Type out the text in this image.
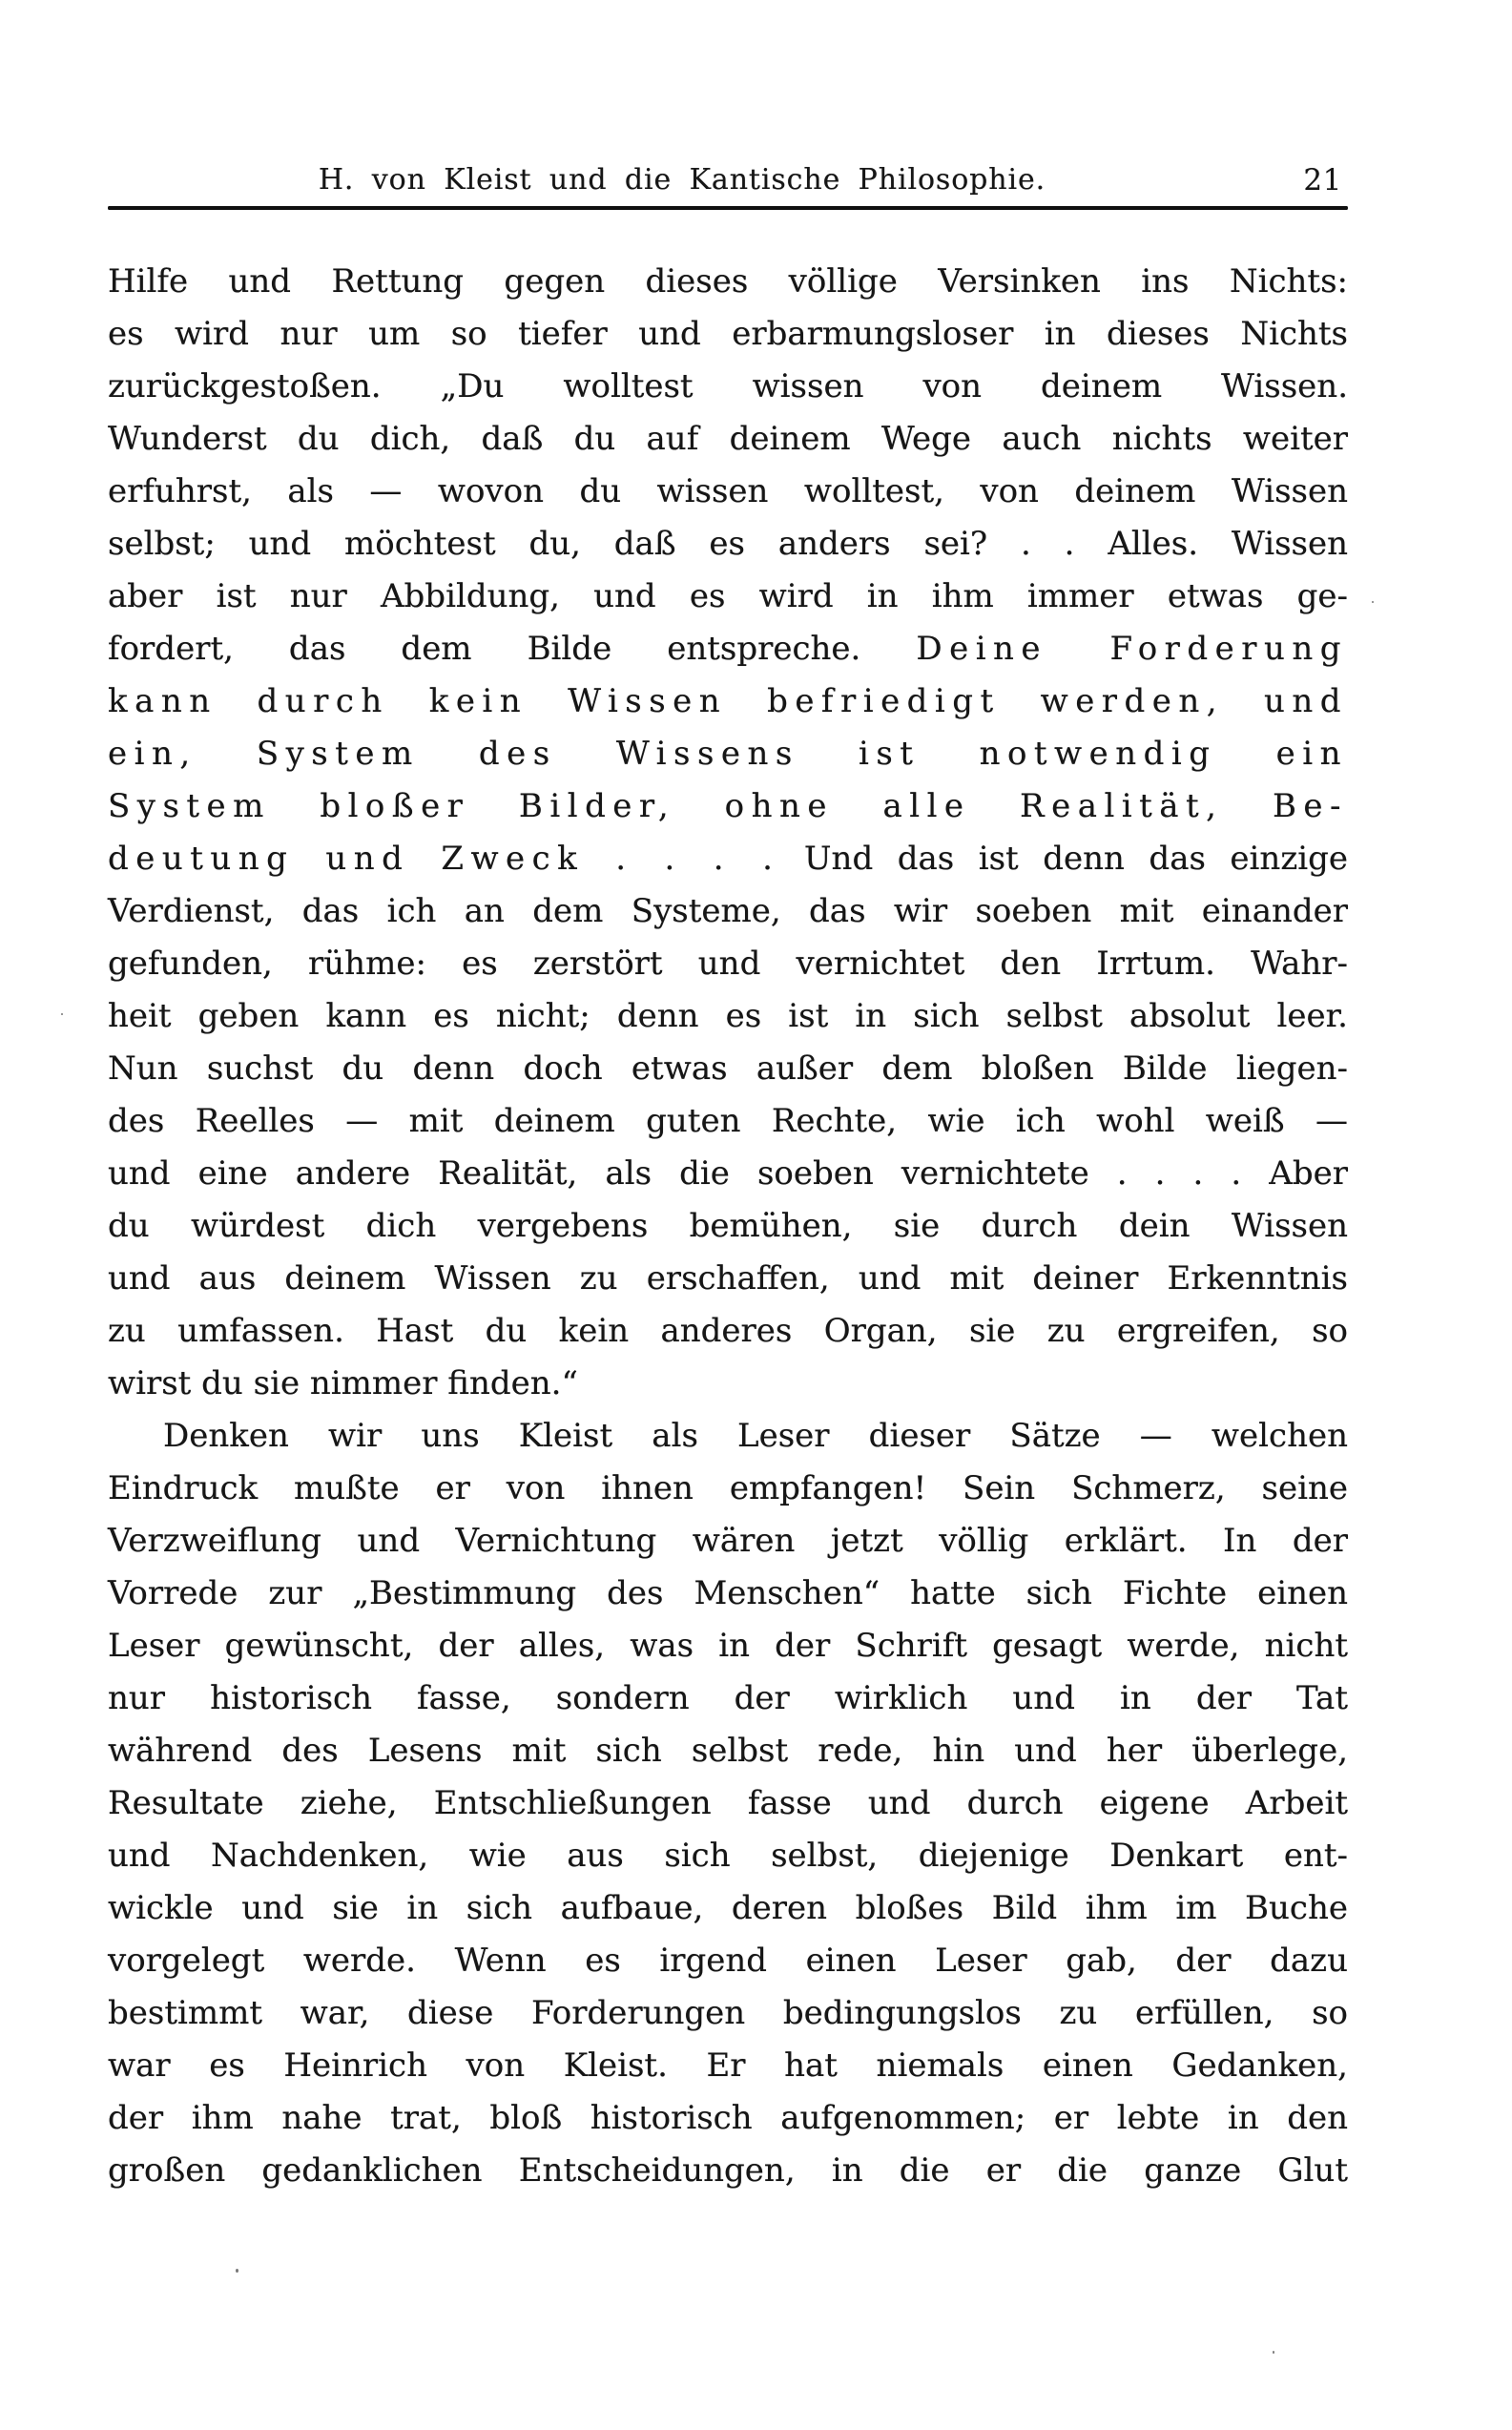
H. von Kleist und die Kantische Philosophie.	21
Hilfe und Rettung gegen dieses völlige Versinken ins Nichts:
es wird nur um so tiefer und erbarmungsloser in dieses Nichts
zurückgestoßen. „Du wolltest wissen von deinem Wissen.
Wunderst du dich, daß du auf deinem Wege auch nichts weiter
erfuhrst, als — wovon du wissen wolltest, von deinem Wissen
selbst; und möchtest du, daß es anders sei? . . Alles. Wissen
aber ist nur Abbildung, und es wird in ihm immer etwas ge-
fordert, das dem Bilde entspreche. Deine Forderung
kann durch kein Wissen befriedigt werden, und
ein, System des Wissens ist notwendig ein
System bloßer Bilder, ohne alle Realität, Be-
deutung und Zweck . . . . Und das ist denn das einzige
Verdienst, das ich an dem Systeme, das wir soeben mit einander
gefunden, rühme: es zerstört und vernichtet den Irrtum. Wahr-
heit geben kann es nicht; denn es ist in sich selbst absolut leer.
Nun suchst du denn doch etwas außer dem bloßen Bilde liegen-
des Reelles — mit deinem guten Rechte, wie ich wohl weiß —
und eine andere Realität, als die soeben vernichtete . . . . Aber
du würdest dich vergebens bemühen, sie durch dein Wissen
und aus deinem Wissen zu erschaffen, und mit deiner Erkenntnis
zu umfassen. Hast du kein anderes Organ, sie zu ergreifen, so
wirst du sie nimmer finden.“
Denken wir uns Kleist als Leser dieser Sätze — welchen
Eindruck mußte er von ihnen empfangen! Sein Schmerz, seine
Verzweiflung und Vernichtung wären jetzt völlig erklärt. In der
Vorrede zur „Bestimmung des Menschen“ hatte sich Fichte einen
Leser gewünscht, der alles, was in der Schrift gesagt werde, nicht
nur historisch fasse, sondern der wirklich und in der Tat
während des Lesens mit sich selbst rede, hin und her überlege,
Resultate ziehe, Entschließungen fasse und durch eigene Arbeit
und Nachdenken, wie aus sich selbst, diejenige Denkart ent-
wickle und sie in sich aufbaue, deren bloßes Bild ihm im Buche
vorgelegt werde. Wenn es irgend einen Leser gab, der dazu
bestimmt war, diese Forderungen bedingungslos zu erfüllen, so
war es Heinrich von Kleist. Er hat niemals einen Gedanken,
der ihm nahe trat, bloß historisch aufgenommen; er lebte in den
großen gedanklichen Entscheidungen, in die er die ganze Glut
